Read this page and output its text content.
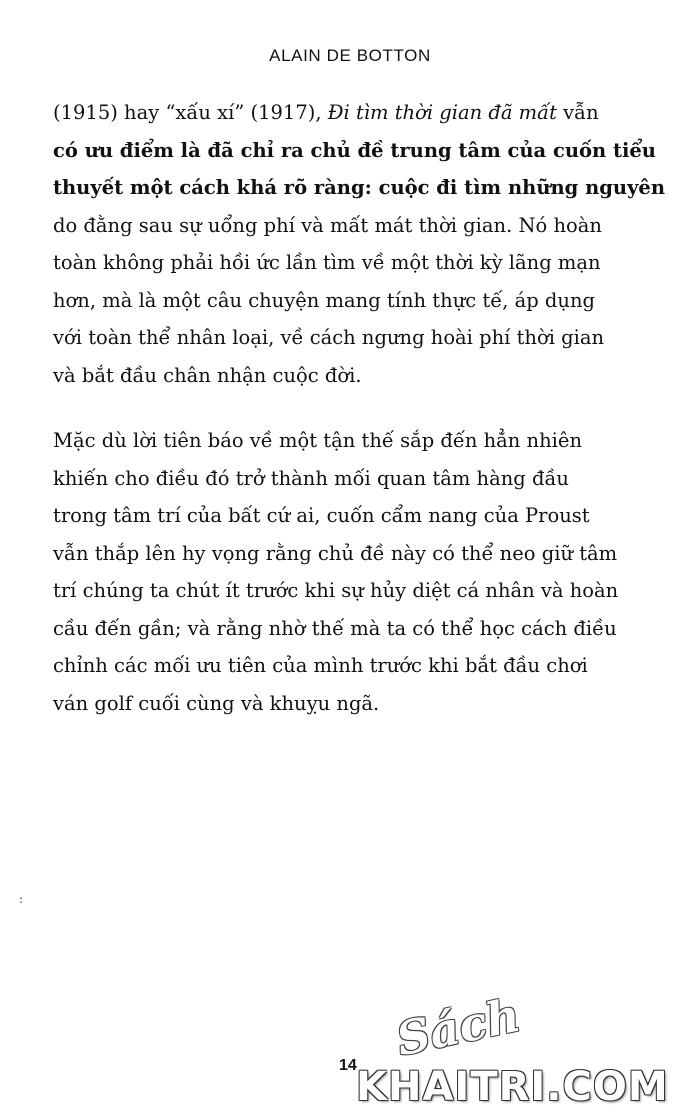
ALAIN DE BOTTON
(1915) hay “xấu xí” (1917), Đi tìm thời gian đã mất vẫn
có ưu điểm là đã chỉ ra chủ đề trung tâm của cuốn tiểu
thuyết một cách khá rõ ràng: cuộc đi tìm những nguyên
do đằng sau sự uổng phí và mất mát thời gian. Nó hoàn
toàn không phải hồi ức lần tìm về một thời kỳ lãng mạn
hơn, mà là một câu chuyện mang tính thực tế, áp dụng
với toàn thể nhân loại, về cách ngưng hoài phí thời gian
và bắt đầu chân nhận cuộc đời.
Mặc dù lời tiên báo về một tận thế sắp đến hẳn nhiên
khiến cho điều đó trở thành mối quan tâm hàng đầu
trong tâm trí của bất cứ ai, cuốn cẩm nang của Proust
vẫn thắp lên hy vọng rằng chủ đề này có thể neo giữ tâm
trí chúng ta chút ít trước khi sự hủy diệt cá nhân và hoàn
cầu đến gần; và rằng nhờ thế mà ta có thể học cách điều
chỉnh các mối ưu tiên của mình trước khi bắt đầu chơi
ván golf cuối cùng và khuỵu ngã.
:
14 Sách
KHAITRI.COM
